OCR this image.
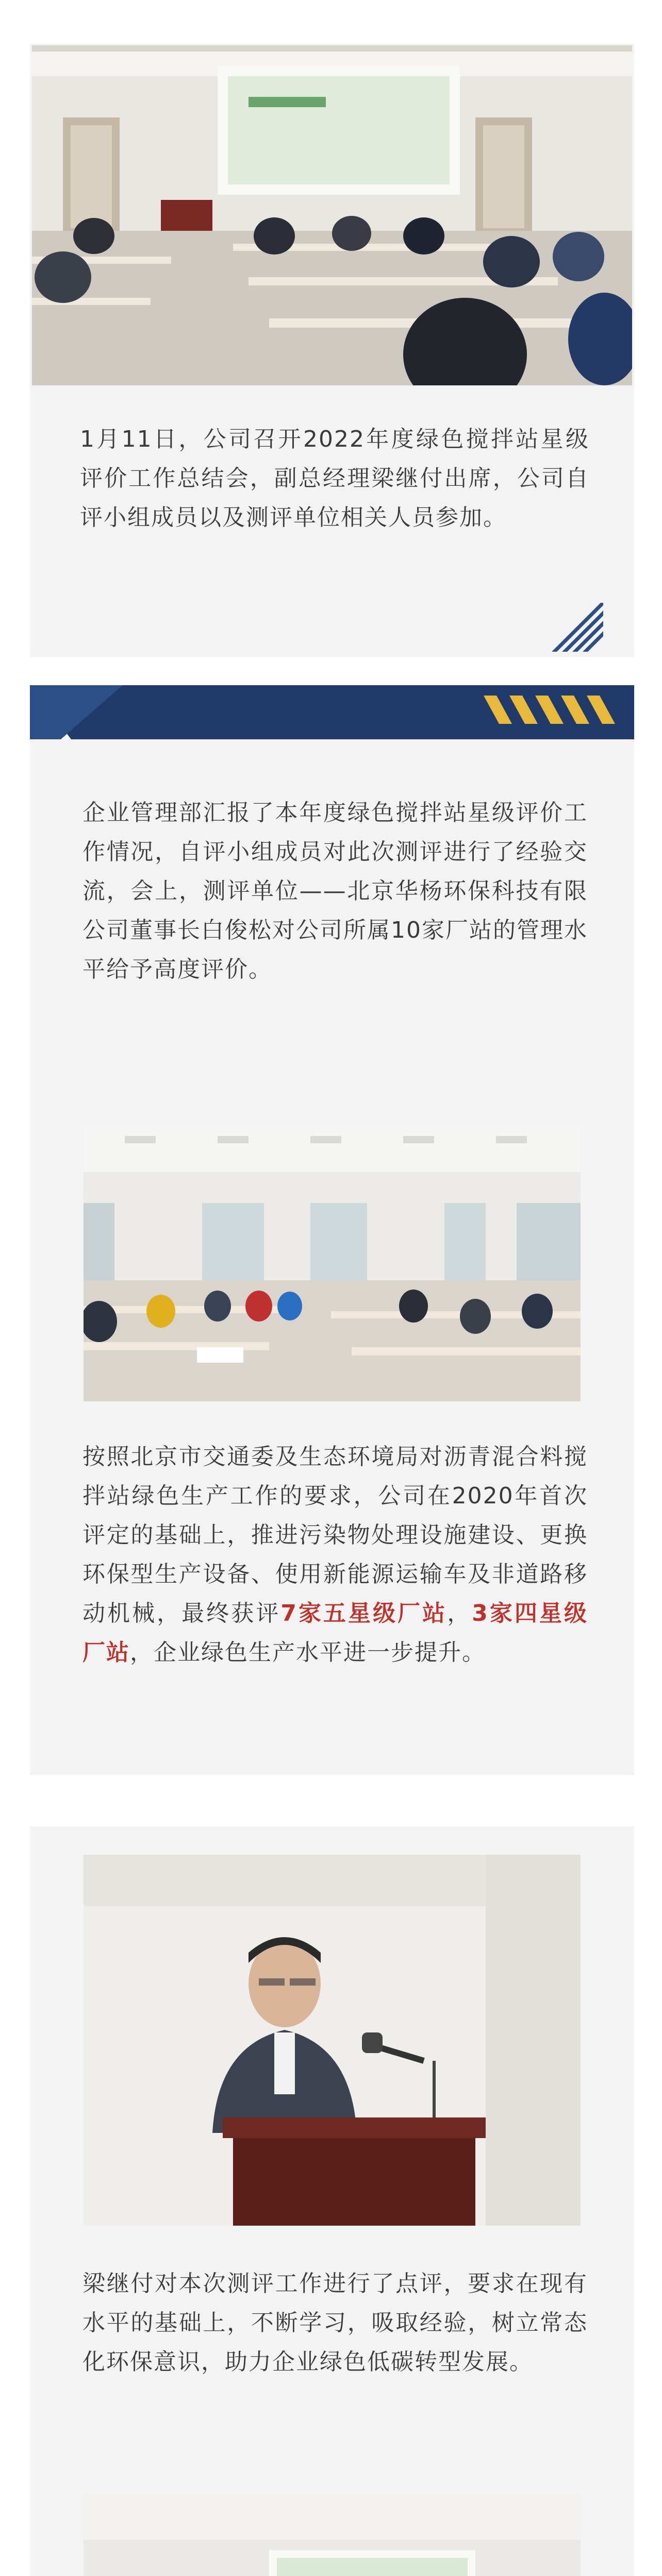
1月11日，公司召开2022年度绿色搅拌站星级评价工作总结会，副总经理梁继付出席，公司自评小组成员以及测评单位相关人员参加。

企业管理部汇报了本年度绿色搅拌站星级评价工作情况，自评小组成员对此次测评进行了经验交流，会上，测评单位——北京华杨环保科技有限公司董事长白俊松对公司所属10家厂站的管理水平给予高度评价。

按照北京市交通委及生态环境局对沥青混合料搅拌站绿色生产工作的要求，公司在2020年首次评定的基础上，推进污染物处理设施建设、更换环保型生产设备、使用新能源运输车及非道路移动机械，最终获评7家五星级厂站，3家四星级厂站，企业绿色生产水平进一步提升。

梁继付对本次测评工作进行了点评，要求在现有水平的基础上，不断学习，吸取经验，树立常态化环保意识，助力企业绿色低碳转型发展。
